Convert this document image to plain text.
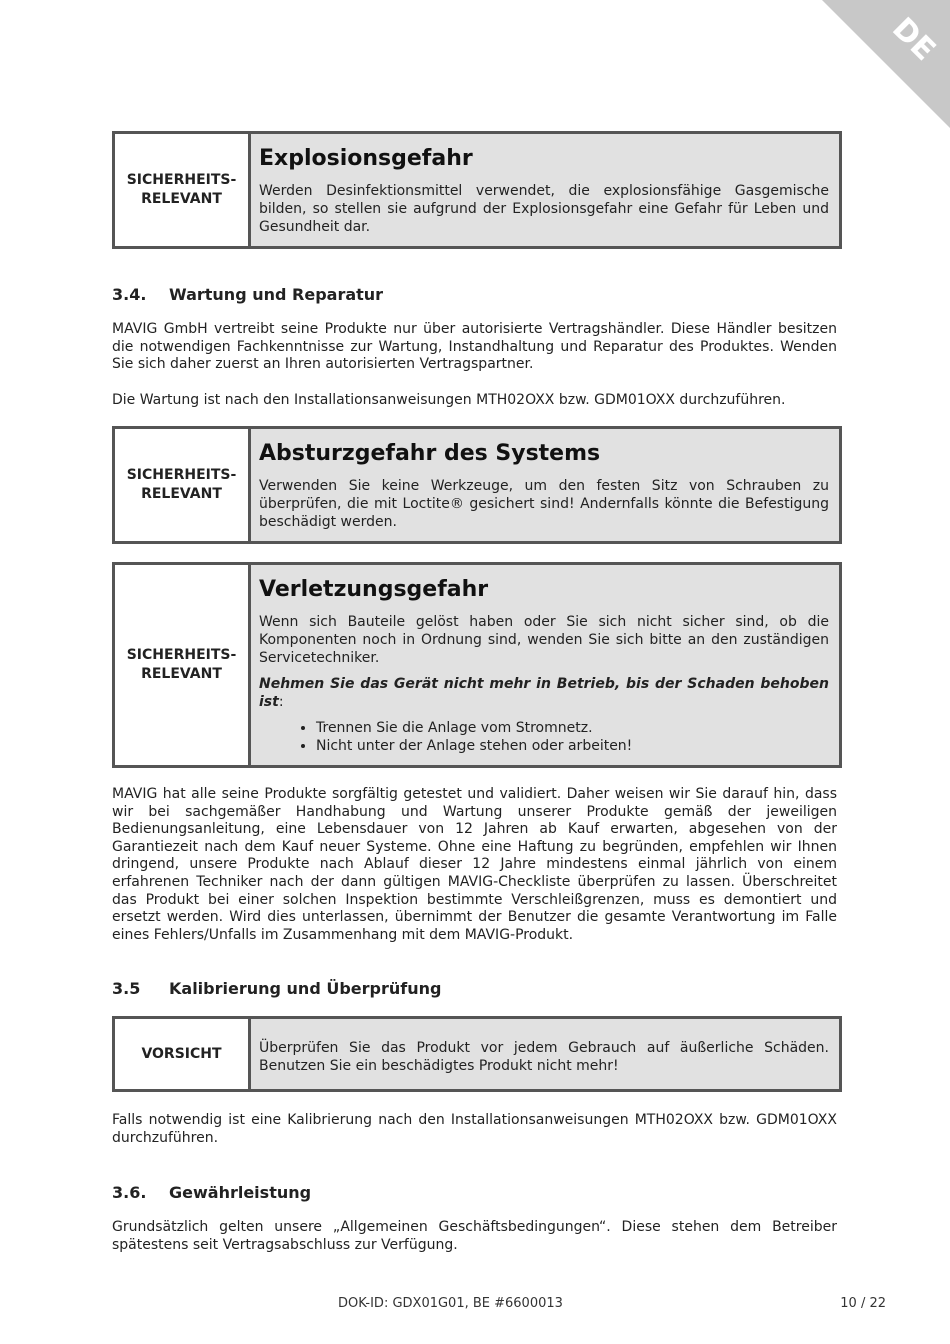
DE
SICHERHEITS-
RELEVANT
Explosionsgefahr

Werden Desinfektionsmittel verwendet, die explosionsfähige Gasgemische bilden, so stellen sie aufgrund der Explosionsgefahr eine Gefahr für Leben und Gesundheit dar.

3.4. Wartung und Reparatur

MAVIG GmbH vertreibt seine Produkte nur über autorisierte Vertragshändler. Diese Händler besitzen die notwendigen Fachkenntnisse zur Wartung, Instandhaltung und Reparatur des Produktes. Wenden Sie sich daher zuerst an Ihren autorisierten Vertragspartner.

Die Wartung ist nach den Installationsanweisungen MTH02OXX bzw. GDM01OXX durchzuführen.

SICHERHEITS-
RELEVANT
Absturzgefahr des Systems

Verwenden Sie keine Werkzeuge, um den festen Sitz von Schrauben zu überprüfen, die mit Loctite® gesichert sind! Andernfalls könnte die Befestigung beschädigt werden.

SICHERHEITS-
RELEVANT
Verletzungsgefahr

Wenn sich Bauteile gelöst haben oder Sie sich nicht sicher sind, ob die Komponenten noch in Ordnung sind, wenden Sie sich bitte an den zuständigen Servicetechniker.

Nehmen Sie das Gerät nicht mehr in Betrieb, bis der Schaden behoben ist:

• Trennen Sie die Anlage vom Stromnetz.
• Nicht unter der Anlage stehen oder arbeiten!

MAVIG hat alle seine Produkte sorgfältig getestet und validiert. Daher weisen wir Sie darauf hin, dass wir bei sachgemäßer Handhabung und Wartung unserer Produkte gemäß der jeweiligen Bedienungsanleitung, eine Lebensdauer von 12 Jahren ab Kauf erwarten, abgesehen von der Garantiezeit nach dem Kauf neuer Systeme. Ohne eine Haftung zu begründen, empfehlen wir Ihnen dringend, unsere Produkte nach Ablauf dieser 12 Jahre mindestens einmal jährlich von einem erfahrenen Techniker nach der dann gültigen MAVIG-Checkliste überprüfen zu lassen. Überschreitet das Produkt bei einer solchen Inspektion bestimmte Verschleißgrenzen, muss es demontiert und ersetzt werden. Wird dies unterlassen, übernimmt der Benutzer die gesamte Verantwortung im Falle eines Fehlers/Unfalls im Zusammenhang mit dem MAVIG-Produkt.

3.5 Kalibrierung und Überprüfung
VORSICHT	Überprüfen Sie das Produkt vor jedem Gebrauch auf äußerliche Schäden. Benutzen Sie ein beschädigtes Produkt nicht mehr!

Falls notwendig ist eine Kalibrierung nach den Installationsanweisungen MTH02OXX bzw. GDM01OXX durchzuführen.

3.6. Gewährleistung

Grundsätzlich gelten unsere „Allgemeinen Geschäftsbedingungen“. Diese stehen dem Betreiber spätestens seit Vertragsabschluss zur Verfügung.

DOK-ID: GDX01G01, BE #6600013	10 / 22
